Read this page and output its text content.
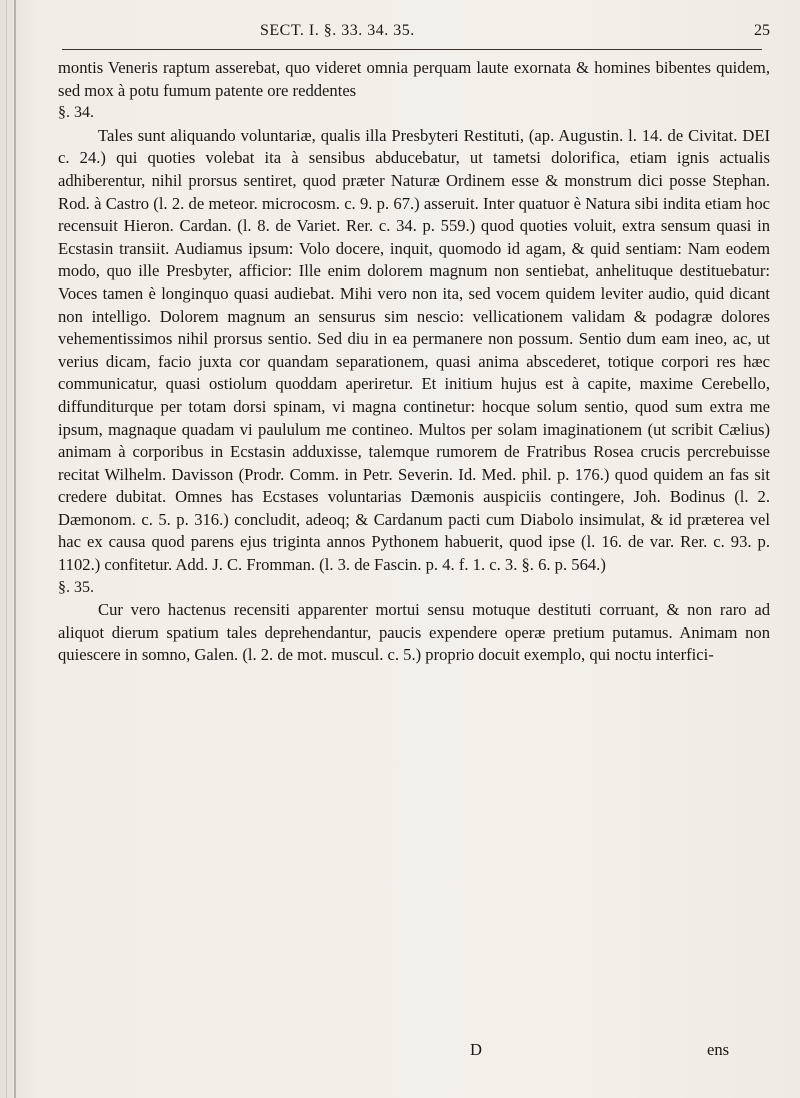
SECT. I. §. 33. 34. 35.	25

montis Veneris raptum asserebat, quo videret omnia perquam laute exornata & homines bibentes quidem, sed mox à potu fumum patente ore reddentes

§. 34.

Tales sunt aliquando voluntariæ, qualis illa Presbyteri Restituti, (ap. Augustin. l. 14. de Civitat. DEI c. 24.) qui quoties volebat ita à sensibus abducebatur, ut tametsi dolorifica, etiam ignis actualis adhiberentur, nihil prorsus sentiret, quod præter Naturæ Ordinem esse & monstrum dici posse Stephan. Rod. à Castro (l. 2. de meteor. microcosm. c. 9. p. 67.) asseruit. Inter quatuor è Natura sibi indita etiam hoc recensuit Hieron. Cardan. (l. 8. de Variet. Rer. c. 34. p. 559.) quod quoties voluit, extra sensum quasi in Ecstasin transiit. Audiamus ipsum: Volo docere, inquit, quomodo id agam, & quid sentiam: Nam eodem modo, quo ille Presbyter, afficior: Ille enim dolorem magnum non sentiebat, anhelituque destituebatur: Voces tamen è longinquo quasi audiebat. Mihi vero non ita, sed vocem quidem leviter audio, quid dicant non intelligo. Dolorem magnum an sensurus sim nescio: vellicationem validam & podagræ dolores vehementissimos nihil prorsus sentio. Sed diu in ea permanere non possum. Sentio dum eam ineo, ac, ut verius dicam, facio juxta cor quandam separationem, quasi anima abscederet, totique corpori res hæc communicatur, quasi ostiolum quoddam aperiretur. Et initium hujus est à capite, maxime Cerebello, diffunditurque per totam dorsi spinam, vi magna continetur: hocque solum sentio, quod sum extra me ipsum, magnaque quadam vi paululum me contineo. Multos per solam imaginationem (ut scribit Cælius) animam à corporibus in Ecstasin adduxisse, talemque rumorem de Fratribus Rosea crucis percrebuisse recitat Wilhelm. Davisson (Prodr. Comm. in Petr. Severin. Id. Med. phil. p. 176.) quod quidem an fas sit credere dubitat. Omnes has Ecstases voluntarias Dæmonis auspiciis contingere, Joh. Bodinus (l. 2. Dæmonom. c. 5. p. 316.) concludit, adeoq; & Cardanum pacti cum Diabolo insimulat, & id præterea vel hac ex causa quod parens ejus triginta annos Pythonem habuerit, quod ipse (l. 16. de var. Rer. c. 93. p. 1102.) confitetur. Add. J. C. Fromman. (l. 3. de Fascin. p. 4. f. 1. c. 3. §. 6. p. 564.)

§. 35.

Cur vero hactenus recensiti apparenter mortui sensu motuque destituti corruant, & non raro ad aliquot dierum spatium tales deprehendantur, paucis expendere operæ pretium putamus. Animam non quiescere in somno, Galen. (l. 2. de mot. muscul. c. 5.) proprio docuit exemplo, qui noctu interfici-

D	ens
